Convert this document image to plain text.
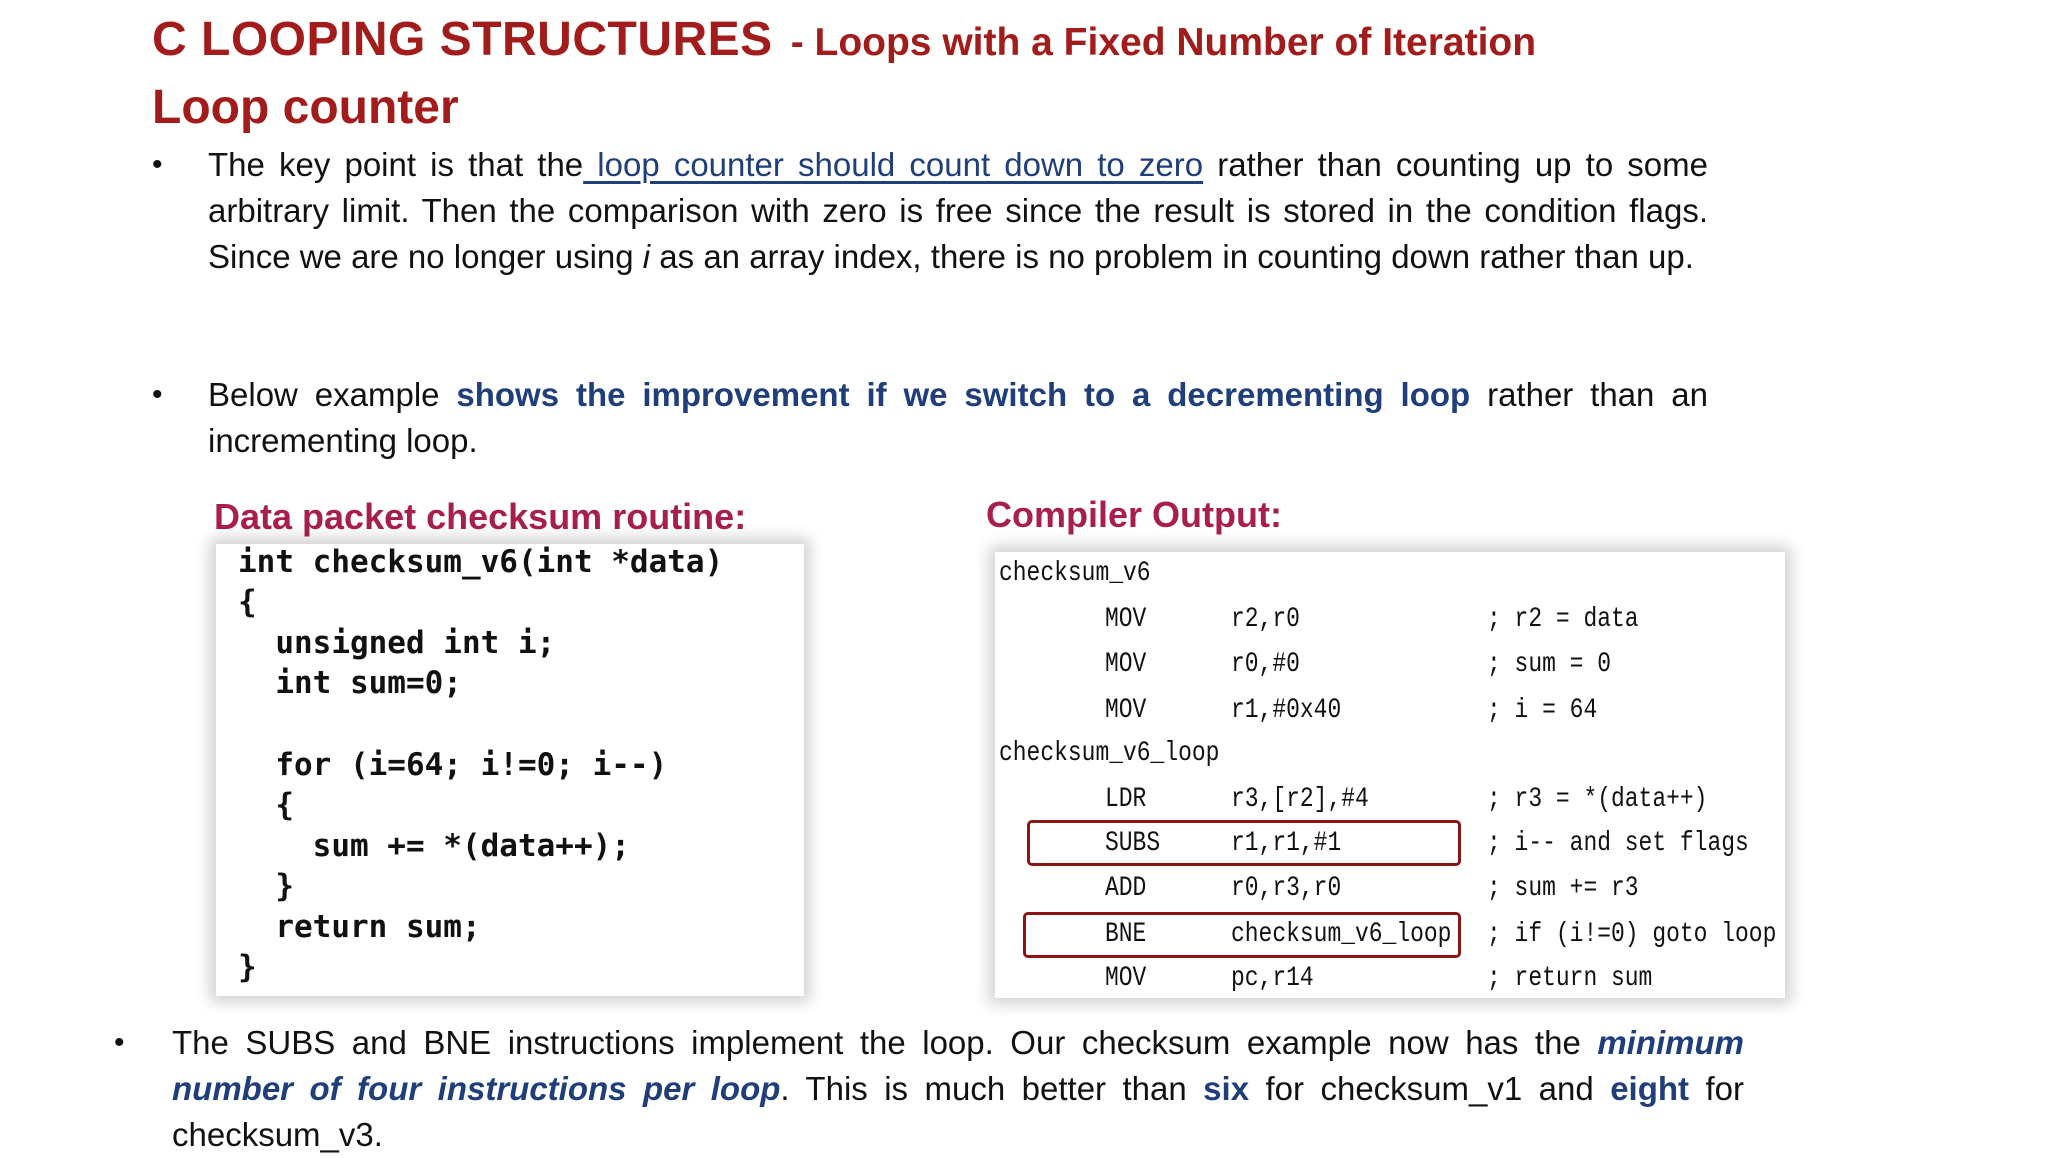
C LOOPING STRUCTURES - Loops with a Fixed Number of Iteration
Loop counter
• The key point is that the loop counter should count down to zero rather than counting up to some arbitrary limit. Then the comparison with zero is free since the result is stored in the condition flags. Since we are no longer using i as an array index, there is no problem in counting down rather than up.
• Below example shows the improvement if we switch to a decrementing loop rather than an incrementing loop.
Data packet checksum routine:	Compiler Output:
int checksum_v6(int *data)
{
unsigned int i;
int sum=0;
for (i=64; i!=0; i--)
{
sum += *(data++);
}
return sum;
}
checksum_v6
MOV	r2,r0	; r2 = data
MOV	r0,#0	; sum = 0
MOV	r1,#0x40	; i = 64
checksum_v6_loop
LDR	r3,[r2],#4	; r3 = *(data++)
SUBS	r1,r1,#1	; i-- and set flags
ADD	r0,r3,r0	; sum += r3
BNE	checksum_v6_loop ; if (i!=0) goto loop
MOV	pc,r14	; return sum
• The SUBS and BNE instructions implement the loop. Our checksum example now has the minimum number of four instructions per loop. This is much better than six for checksum_v1 and eight for checksum_v3.
